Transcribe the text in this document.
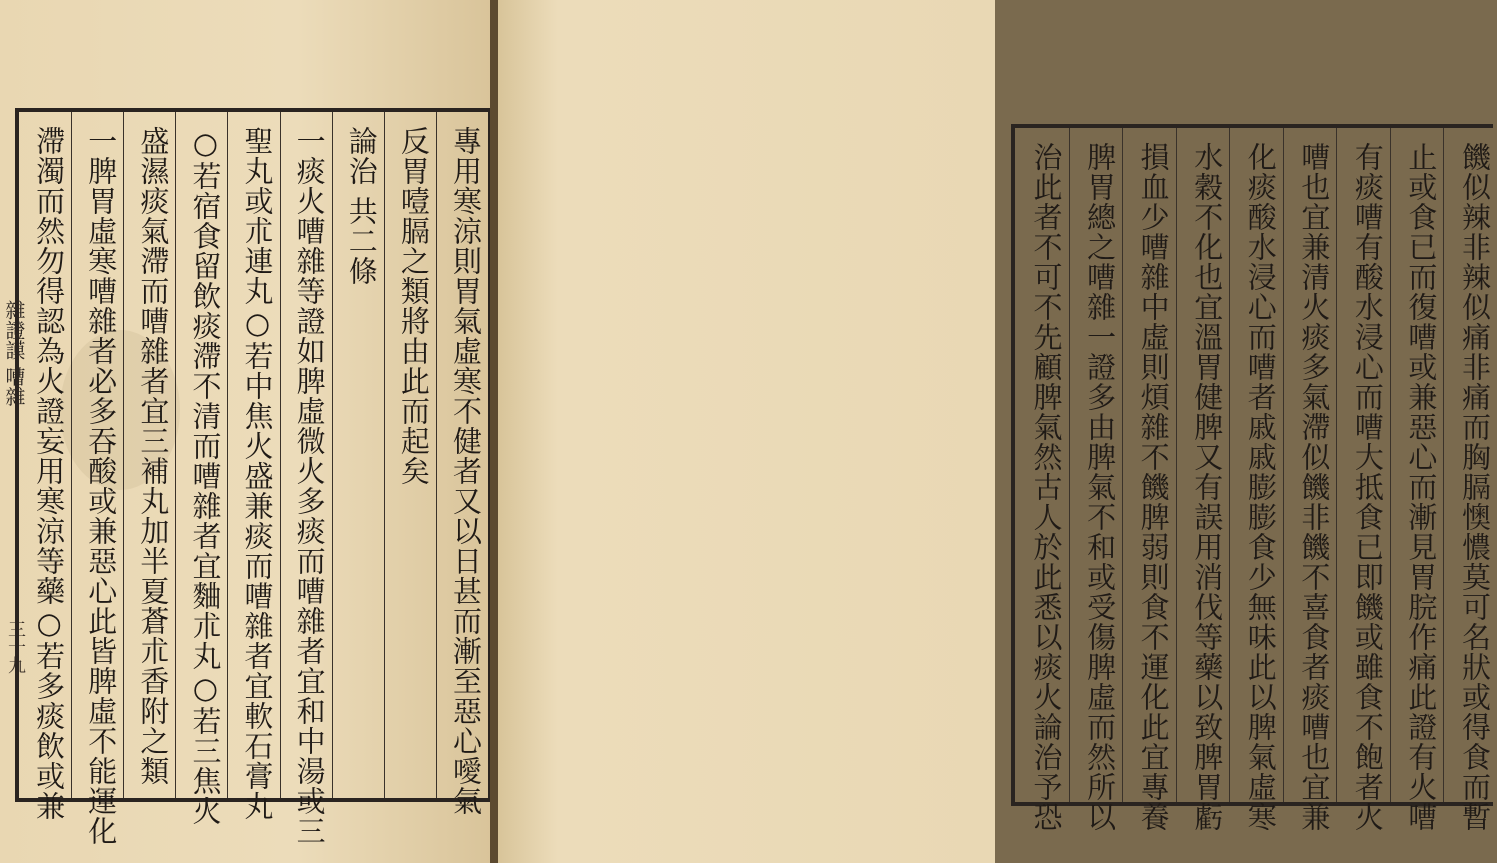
雜證謨 嘈雜
三十九	專用寒涼則胃氣虛寒不健者又以日甚而漸至惡心噯氣
反胃噎膈之類將由此而起矣
論治 共二條
一痰火嘈雜等證如脾虛微火多痰而嘈雜者宜和中湯或三
聖丸或朮連丸○若中焦火盛兼痰而嘈雜者宜軟石膏丸
○若宿食留飲痰滯不清而嘈雜者宜麯朮丸○若三焦火
盛濕痰氣滯而嘈雜者宜三補丸加半夏蒼朮香附之類
一脾胃虛寒嘈雜者必多吞酸或兼惡心此皆脾虛不能運化
滯濁而然勿得認為火證妄用寒涼等藥○若多痰飲或兼	饑似辣非辣似痛非痛而胸膈懊憹莫可名狀或得食而暫
止或食已而復嘈或兼惡心而漸見胃脘作痛此證有火嘈
有痰嘈有酸水浸心而嘈大抵食已即饑或雖食不飽者火
嘈也宜兼清火痰多氣滯似饑非饑不喜食者痰嘈也宜兼
化痰酸水浸心而嘈者戚戚膨膨食少無味此以脾氣虛寒
水穀不化也宜溫胃健脾又有誤用消伐等藥以致脾胃虧
損血少嘈雜中虛則煩雜不饑脾弱則食不運化此宜專養
脾胃總之嘈雜一證多由脾氣不和或受傷脾虛而然所以
治此者不可不先顧脾氣然古人於此悉以痰火論治予恐
